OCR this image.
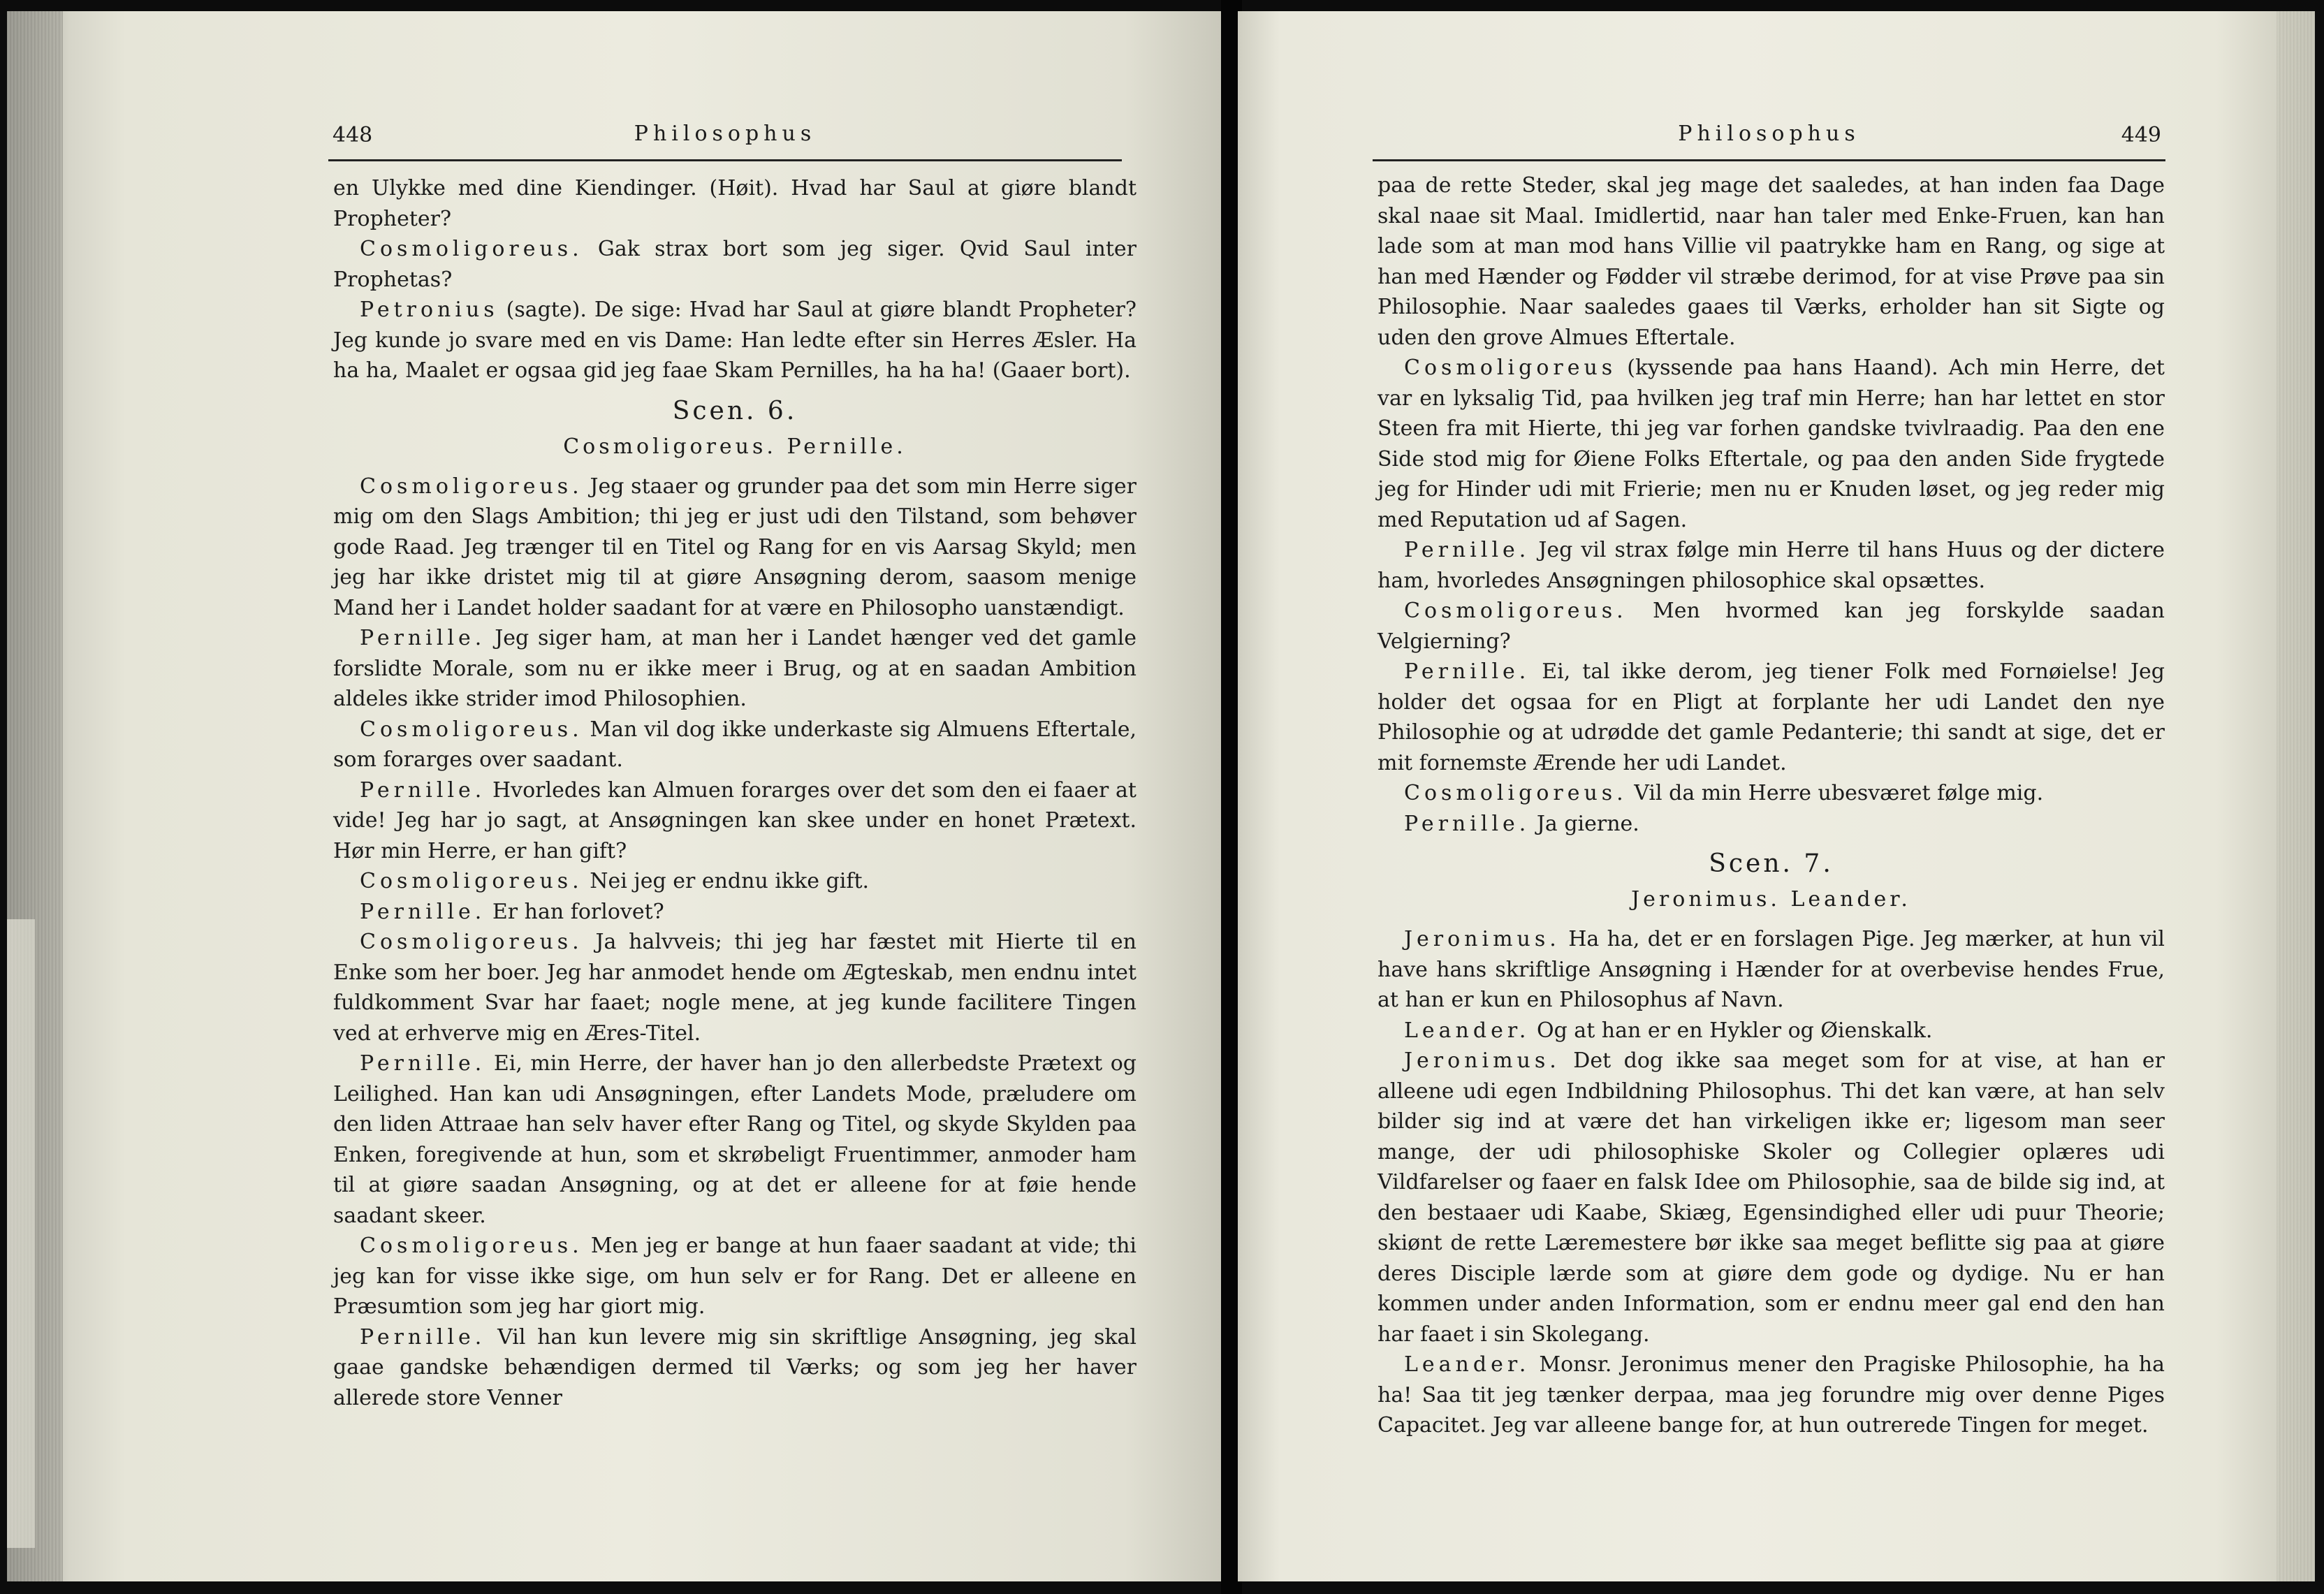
448	Philosophus

en Ulykke med dine Kiendinger. (Høit). Hvad har Saul at giøre blandt Propheter?

Cosmoligoreus. Gak strax bort som jeg siger. Qvid Saul inter Prophetas?

Petronius (sagte). De sige: Hvad har Saul at giøre blandt Propheter? Jeg kunde jo svare med en vis Dame: Han ledte efter sin Herres Æsler. Ha ha ha, Maalet er ogsaa gid jeg faae Skam Pernilles, ha ha ha! (Gaaer bort).

Scen. 6.
Cosmoligoreus. Pernille.

Cosmoligoreus. Jeg staaer og grunder paa det som min Herre siger mig om den Slags Ambition; thi jeg er just udi den Tilstand, som behøver gode Raad. Jeg trænger til en Titel og Rang for en vis Aarsag Skyld; men jeg har ikke dristet mig til at giøre Ansøgning derom, saasom menige Mand her i Landet holder saadant for at være en Philosopho uanstændigt.

Pernille. Jeg siger ham, at man her i Landet hænger ved det gamle forslidte Morale, som nu er ikke meer i Brug, og at en saadan Ambition aldeles ikke strider imod Philosophien.

Cosmoligoreus. Man vil dog ikke underkaste sig Almuens Eftertale, som forarges over saadant.

Pernille. Hvorledes kan Almuen forarges over det som den ei faaer at vide! Jeg har jo sagt, at Ansøgningen kan skee under en honet Prætext. Hør min Herre, er han gift?

Cosmoligoreus. Nei jeg er endnu ikke gift.

Pernille. Er han forlovet?

Cosmoligoreus. Ja halvveis; thi jeg har fæstet mit Hierte til en Enke som her boer. Jeg har anmodet hende om Ægteskab, men endnu intet fuldkomment Svar har faaet; nogle mene, at jeg kunde facilitere Tingen ved at erhverve mig en Æres-Titel.

Pernille. Ei, min Herre, der haver han jo den allerbedste Prætext og Leilighed. Han kan udi Ansøgningen, efter Landets Mode, præludere om den liden Attraae han selv haver efter Rang og Titel, og skyde Skylden paa Enken, foregivende at hun, som et skrøbeligt Fruentimmer, anmoder ham til at giøre saadan Ansøgning, og at det er alleene for at føie hende saadant skeer.

Cosmoligoreus. Men jeg er bange at hun faaer saadant at vide; thi jeg kan for visse ikke sige, om hun selv er for Rang. Det er alleene en Præsumtion som jeg har giort mig.

Pernille. Vil han kun levere mig sin skriftlige Ansøgning, jeg skal gaae gandske behændigen dermed til Værks; og som jeg her haver allerede store Venner

Philosophus	449

paa de rette Steder, skal jeg mage det saaledes, at han inden faa Dage skal naae sit Maal. Imidlertid, naar han taler med Enke-Fruen, kan han lade som at man mod hans Villie vil paatrykke ham en Rang, og sige at han med Hænder og Fødder vil stræbe derimod, for at vise Prøve paa sin Philosophie. Naar saaledes gaaes til Værks, erholder han sit Sigte og uden den grove Almues Eftertale.

Cosmoligoreus (kyssende paa hans Haand). Ach min Herre, det var en lyksalig Tid, paa hvilken jeg traf min Herre; han har lettet en stor Steen fra mit Hierte, thi jeg var forhen gandske tvivlraadig. Paa den ene Side stod mig for Øiene Folks Eftertale, og paa den anden Side frygtede jeg for Hinder udi mit Frierie; men nu er Knuden løset, og jeg reder mig med Reputation ud af Sagen.

Pernille. Jeg vil strax følge min Herre til hans Huus og der dictere ham, hvorledes Ansøgningen philosophice skal opsættes.

Cosmoligoreus. Men hvormed kan jeg forskylde saadan Velgierning?

Pernille. Ei, tal ikke derom, jeg tiener Folk med Fornøielse! Jeg holder det ogsaa for en Pligt at forplante her udi Landet den nye Philosophie og at udrødde det gamle Pedanterie; thi sandt at sige, det er mit fornemste Ærende her udi Landet.

Cosmoligoreus. Vil da min Herre ubesværet følge mig.

Pernille. Ja gierne.

Scen. 7.
Jeronimus. Leander.

Jeronimus. Ha ha, det er en forslagen Pige. Jeg mærker, at hun vil have hans skriftlige Ansøgning i Hænder for at overbevise hendes Frue, at han er kun en Philosophus af Navn.

Leander. Og at han er en Hykler og Øienskalk.

Jeronimus. Det dog ikke saa meget som for at vise, at han er alleene udi egen Indbildning Philosophus. Thi det kan være, at han selv bilder sig ind at være det han virkeligen ikke er; ligesom man seer mange, der udi philosophiske Skoler og Collegier oplæres udi Vildfarelser og faaer en falsk Idee om Philosophie, saa de bilde sig ind, at den bestaaer udi Kaabe, Skiæg, Egensindighed eller udi puur Theorie; skiønt de rette Læremestere bør ikke saa meget beflitte sig paa at giøre deres Disciple lærde som at giøre dem gode og dydige. Nu er han kommen under anden Information, som er endnu meer gal end den han har faaet i sin Skolegang.

Leander. Monsr. Jeronimus mener den Pragiske Philosophie, ha ha ha! Saa tit jeg tænker derpaa, maa jeg forundre mig over denne Piges Capacitet. Jeg var alleene bange for, at hun outrerede Tingen for meget.
